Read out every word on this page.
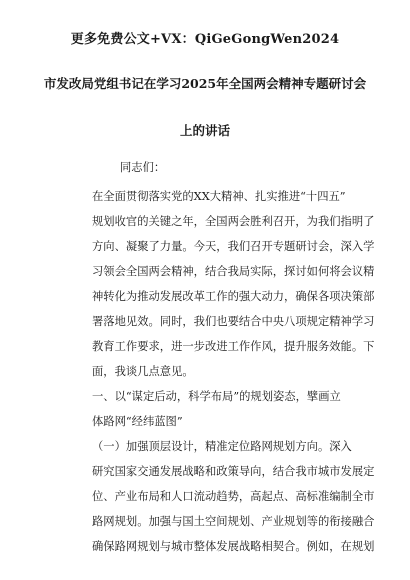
更多免费公文+VX：QiGeGongWen2024
市发改局党组书记在学习2025年全国两会精神专题研讨会
上的讲话
同志们：
在全面贯彻落实党的XX大精神、扎实推进“十四五”
规划收官的关键之年，全国两会胜利召开，为我们指明了
方向、凝聚了力量。今天，我们召开专题研讨会，深入学
习领会全国两会精神，结合我局实际，探讨如何将会议精
神转化为推动发展改革工作的强大动力，确保各项决策部
署落地见效。同时，我们也要结合中央八项规定精神学习
教育工作要求，进一步改进工作作风，提升服务效能。下
面，我谈几点意见。
一、以“谋定后动，科学布局”的规划姿态，擘画立
体路网“经纬蓝图”
（一）加强顶层设计，精准定位路网规划方向。深入
研究国家交通发展战略和政策导向，结合我市城市发展定
位、产业布局和人口流动趋势，高起点、高标准编制全市
路网规划。加强与国土空间规划、产业规划等的衔接融合
确保路网规划与城市整体发展战略相契合。例如，在规划
